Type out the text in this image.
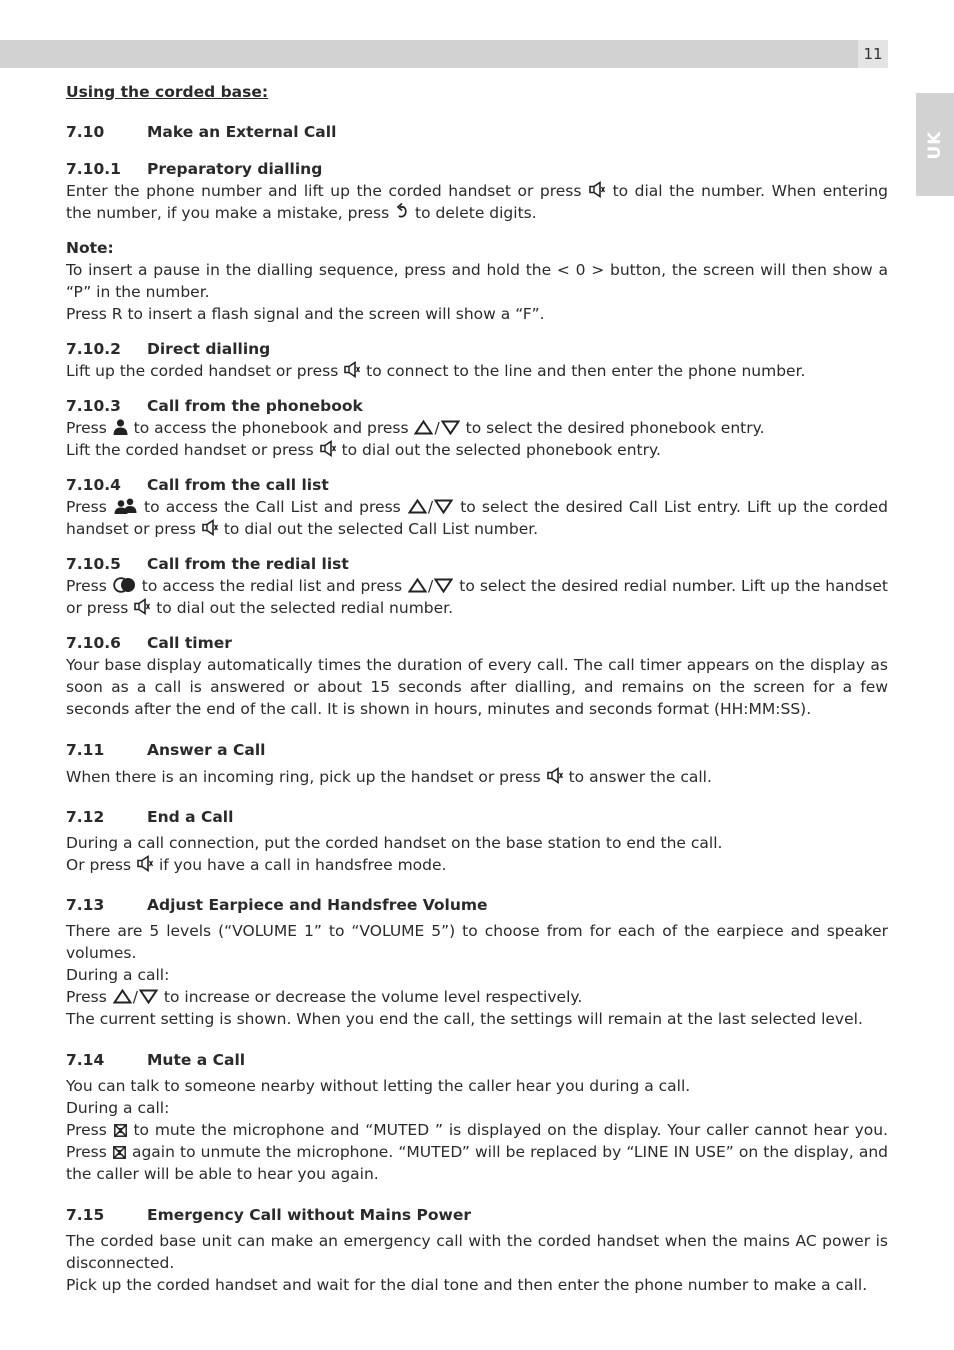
11
UK

Using the corded base:

7.10	Make an External Call
7.10.1	Preparatory dialling

Enter the phone number and lift up the corded handset or press to dial the number. When entering the number, if you make a mistake, press to delete digits.

Note:

To insert a pause in the dialling sequence, press and hold the < 0 > button, the screen will then show a “P” in the number.

Press R to insert a flash signal and the screen will show a “F”.

7.10.2	Direct dialling

Lift up the corded handset or press to connect to the line and then enter the phone number.

7.10.3	Call from the phonebook

Press to access the phonebook and press / to select the desired phonebook entry.
Lift the corded handset or press to dial out the selected phonebook entry.

7.10.4	Call from the call list

Press to access the Call List and press / to select the desired Call List entry. Lift up the corded handset or press to dial out the selected Call List number.

7.10.5	Call from the redial list

Press to access the redial list and press / to select the desired redial number. Lift up the handset or press to dial out the selected redial number.

7.10.6	Call timer

Your base display automatically times the duration of every call. The call timer appears on the display as soon as a call is answered or about 15 seconds after dialling, and remains on the screen for a few seconds after the end of the call. It is shown in hours, minutes and seconds format (HH:MM:SS).

7.11	Answer a Call

When there is an incoming ring, pick up the handset or press to answer the call.

7.12	End a Call

During a call connection, put the corded handset on the base station to end the call.

Or press if you have a call in handsfree mode.

7.13	Adjust Earpiece and Handsfree Volume

There are 5 levels (“VOLUME 1” to “VOLUME 5”) to choose from for each of the earpiece and speaker volumes.

During a call:

Press / to increase or decrease the volume level respectively.

The current setting is shown. When you end the call, the settings will remain at the last selected level.

7.14	Mute a Call

You can talk to someone nearby without letting the caller hear you during a call.

During a call:

Press to mute the microphone and “MUTED ” is displayed on the display. Your caller cannot hear you. Press again to unmute the microphone. “MUTED” will be replaced by “LINE IN USE” on the display, and the caller will be able to hear you again.

7.15	Emergency Call without Mains Power

The corded base unit can make an emergency call with the corded handset when the mains AC power is disconnected.

Pick up the corded handset and wait for the dial tone and then enter the phone number to make a call.
